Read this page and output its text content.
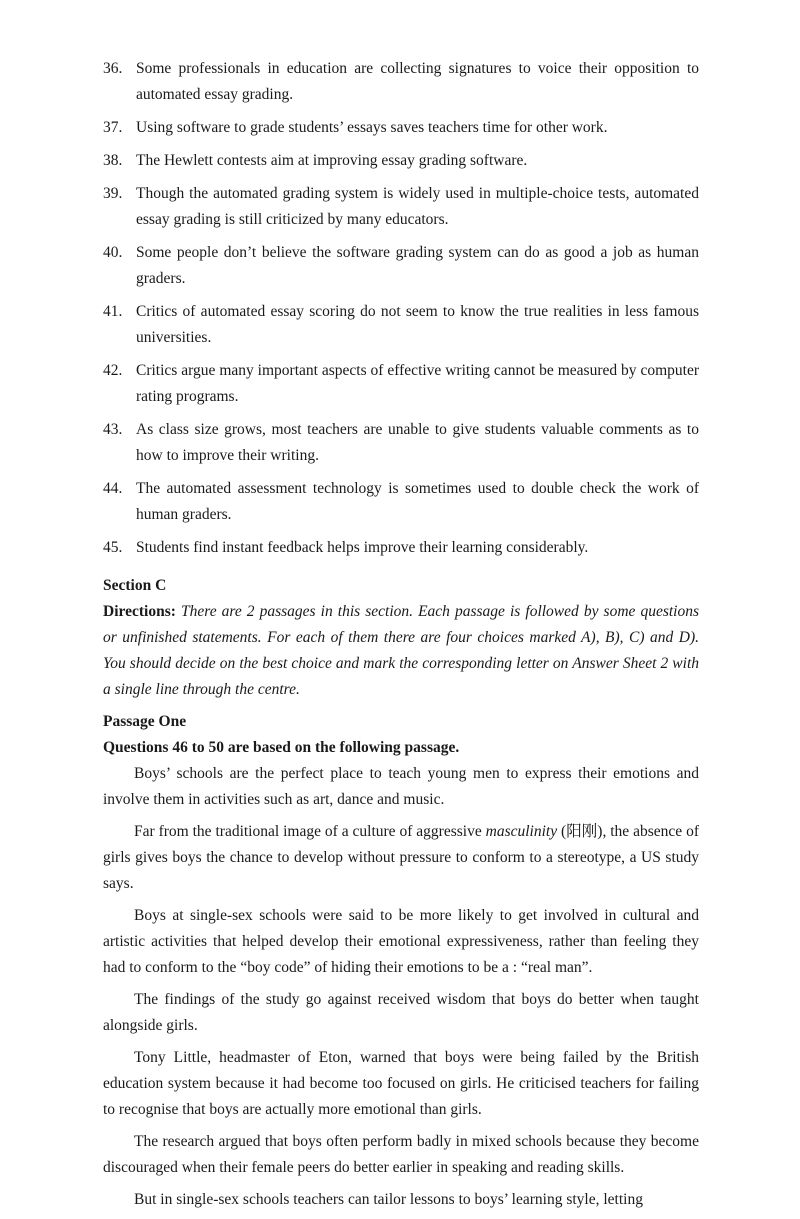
36. Some professionals in education are collecting signatures to voice their opposition to automated essay grading.
37. Using software to grade students’ essays saves teachers time for other work.
38. The Hewlett contests aim at improving essay grading software.
39. Though the automated grading system is widely used in multiple-choice tests, automated essay grading is still criticized by many educators.
40. Some people don’t believe the software grading system can do as good a job as human graders.
41. Critics of automated essay scoring do not seem to know the true realities in less famous universities.
42. Critics argue many important aspects of effective writing cannot be measured by computer rating programs.
43. As class size grows, most teachers are unable to give students valuable comments as to how to improve their writing.
44. The automated assessment technology is sometimes used to double check the work of human graders.
45. Students find instant feedback helps improve their learning considerably.
Section C

Directions: There are 2 passages in this section. Each passage is followed by some questions or unfinished statements. For each of them there are four choices marked A), B), C) and D). You should decide on the best choice and mark the corresponding letter on Answer Sheet 2 with a single line through the centre.

Passage One
Questions 46 to 50 are based on the following passage.

Boys’ schools are the perfect place to teach young men to express their emotions and involve them in activities such as art, dance and music.

Far from the traditional image of a culture of aggressive masculinity (阳刚), the absence of girls gives boys the chance to develop without pressure to conform to a stereotype, a US study says.

Boys at single-sex schools were said to be more likely to get involved in cultural and artistic activities that helped develop their emotional expressiveness, rather than feeling they had to conform to the “boy code” of hiding their emotions to be a : “real man”.

The findings of the study go against received wisdom that boys do better when taught alongside girls.

Tony Little, headmaster of Eton, warned that boys were being failed by the British education system because it had become too focused on girls. He criticised teachers for failing to recognise that boys are actually more emotional than girls.

The research argued that boys often perform badly in mixed schools because they become discouraged when their female peers do better earlier in speaking and reading skills.

But in single-sex schools teachers can tailor lessons to boys’ learning style, letting
